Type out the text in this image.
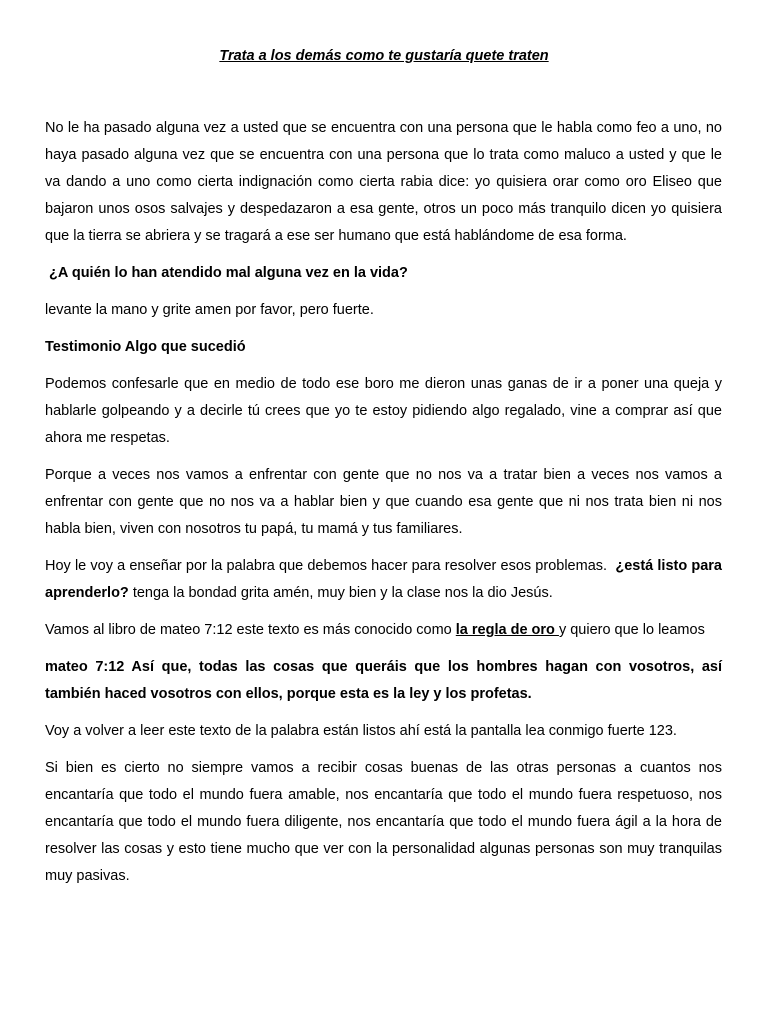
Trata a los demás como te gustaría quete traten

No le ha pasado alguna vez a usted que se encuentra con una persona que le habla como feo a uno, no haya pasado alguna vez que se encuentra con una persona que lo trata como maluco a usted y que le va dando a uno como cierta indignación como cierta rabia dice: yo quisiera orar como oro Eliseo que bajaron unos osos salvajes y despedazaron a esa gente, otros un poco más tranquilo dicen yo quisiera que la tierra se abriera y se tragará a ese ser humano que está hablándome de esa forma.

¿A quién lo han atendido mal alguna vez en la vida?

levante la mano y grite amen por favor, pero fuerte.

Testimonio Algo que sucedió

Podemos confesarle que en medio de todo ese boro me dieron unas ganas de ir a poner una queja y hablarle golpeando y a decirle tú crees que yo te estoy pidiendo algo regalado, vine a comprar así que ahora me respetas.

Porque a veces nos vamos a enfrentar con gente que no nos va a tratar bien a veces nos vamos a enfrentar con gente que no nos va a hablar bien y que cuando esa gente que ni nos trata bien ni nos habla bien, viven con nosotros tu papá, tu mamá y tus familiares.

Hoy le voy a enseñar por la palabra que debemos hacer para resolver esos problemas.  ¿está listo para aprenderlo? tenga la bondad grita amén, muy bien y la clase nos la dio Jesús.

Vamos al libro de mateo 7:12 este texto es más conocido como la regla de oro y quiero que lo leamos

mateo 7:12 Así que, todas las cosas que queráis que los hombres hagan con vosotros, así también haced vosotros con ellos, porque esta es la ley y los profetas.

Voy a volver a leer este texto de la palabra están listos ahí está la pantalla lea conmigo fuerte 123.

Si bien es cierto no siempre vamos a recibir cosas buenas de las otras personas a cuantos nos encantaría que todo el mundo fuera amable, nos encantaría que todo el mundo fuera respetuoso, nos encantaría que todo el mundo fuera diligente, nos encantaría que todo el mundo fuera ágil a la hora de resolver las cosas y esto tiene mucho que ver con la personalidad algunas personas son muy tranquilas muy pasivas.
